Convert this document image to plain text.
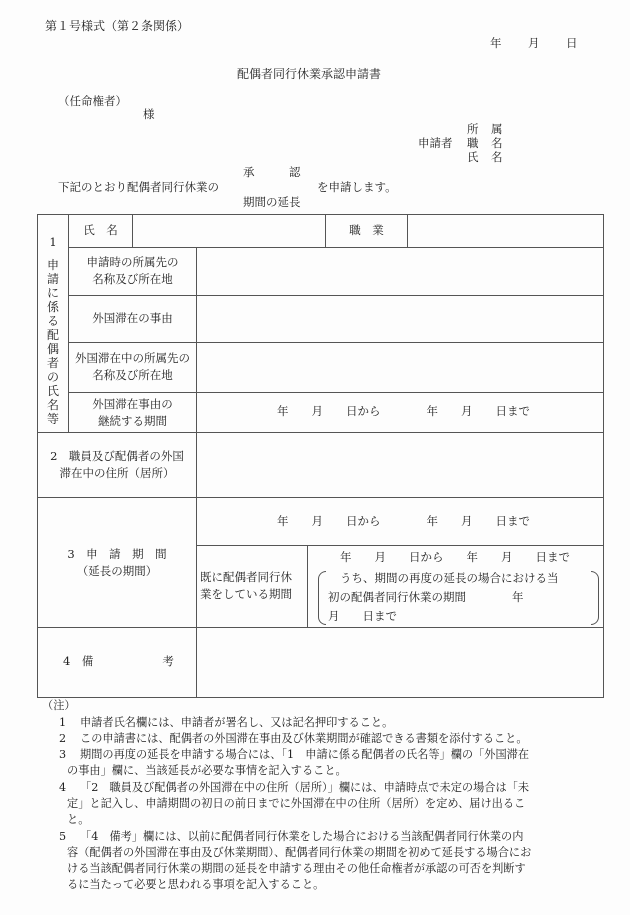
第１号様式（第２条関係）
年 月 日
配偶者同行休業承認申請書
（任命権者）
様
申請者
所 属
職 名
氏 名
承　　　認
下記のとおり配偶者同行休業の	を申請します。
期間の延長
1
申
請
に
係
る
配
偶
者
の
氏
名
等
氏　名	職　業
申請時の所属先の
名称及び所在地
外国滞在の事由
外国滞在中の所属先の
名称及び所在地
外国滞在事由の
継続する期間
年　　月　　日から　　　　年　　月　　日まで
2　職員及び配偶者の外国
滞在中の住所（居所）
3　申　請　期　間
（延長の期間）
年　　月　　日から　　　　年　　月　　日まで
既に配偶者同行休
業をしている期間
年　　月　　日から　　年　　月　　日まで
うち、期間の再度の延長の場合における当
初の配偶者同行休業の期間　　　　年
月　　日まで
4　備　　　　　　考
（注）
1 申請者氏名欄には、申請者が署名し、又は記名押印すること。
2 この申請書には、配偶者の外国滞在事由及び休業期間が確認できる書類を添付すること。
3 期間の再度の延長を申請する場合には、「1　申請に係る配偶者の氏名等」欄の「外国滞在
の事由」欄に、当該延長が必要な事情を記入すること。
4 「2　職員及び配偶者の外国滞在中の住所（居所）」欄には、申請時点で未定の場合は「未
定」と記入し、申請期間の初日の前日までに外国滞在中の住所（居所）を定め、届け出るこ
と。
5 「4　備考」欄には、以前に配偶者同行休業をした場合における当該配偶者同行休業の内
容（配偶者の外国滞在事由及び休業期間）、配偶者同行休業の期間を初めて延長する場合にお
ける当該配偶者同行休業の期間の延長を申請する理由その他任命権者が承認の可否を判断す
るに当たって必要と思われる事項を記入すること。
